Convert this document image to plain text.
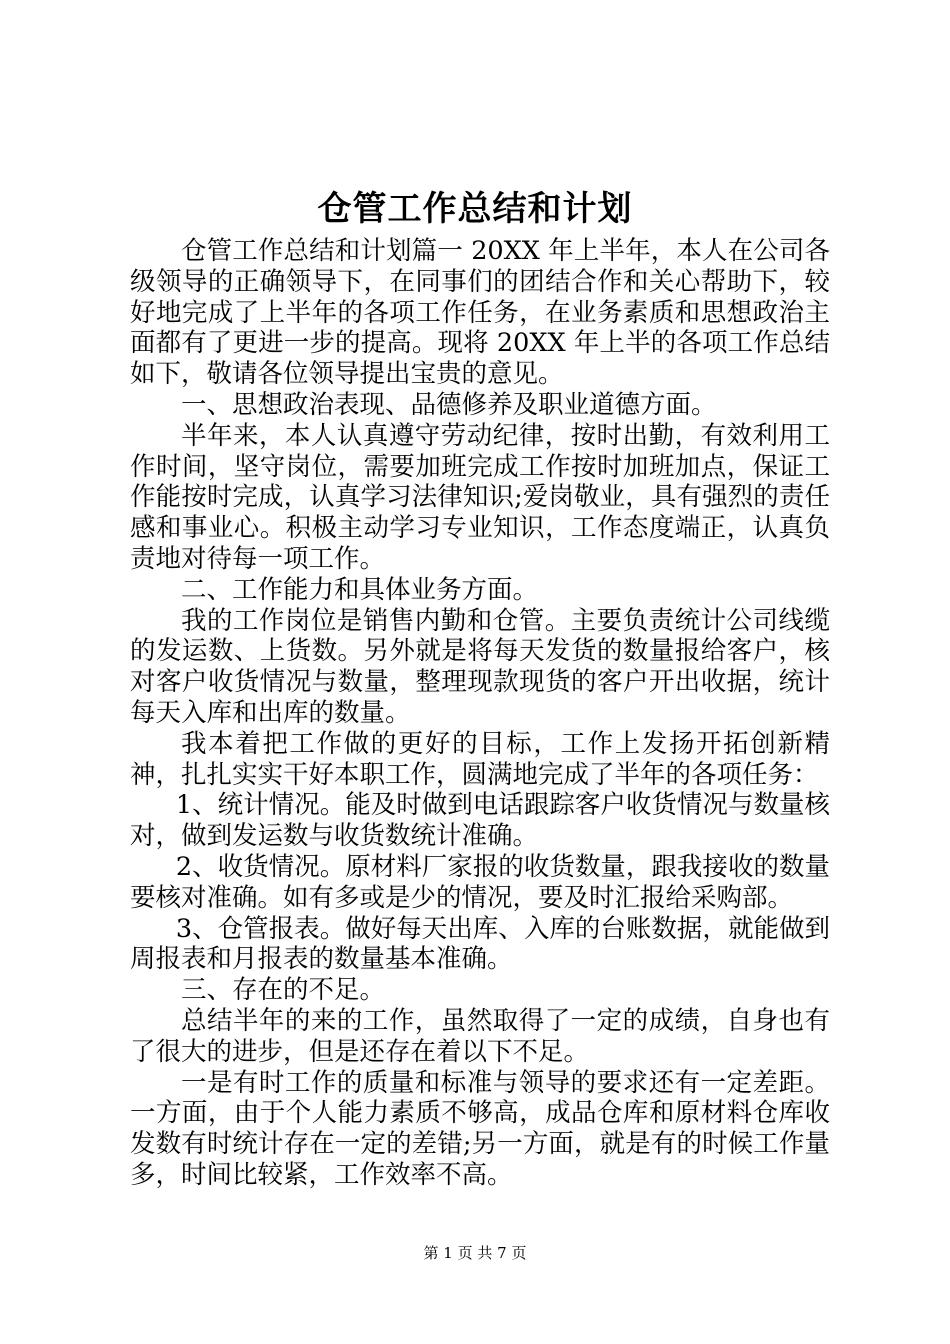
仓管工作总结和计划

仓管工作总结和计划篇一 20XX 年上半年，本人在公司各级领导的正确领导下，在同事们的团结合作和关心帮助下，较好地完成了上半年的各项工作任务，在业务素质和思想政治主面都有了更进一步的提高。现将 20XX 年上半的各项工作总结如下，敬请各位领导提出宝贵的意见。

一、思想政治表现、品德修养及职业道德方面。

半年来，本人认真遵守劳动纪律，按时出勤，有效利用工作时间，坚守岗位，需要加班完成工作按时加班加点，保证工作能按时完成，认真学习法律知识;爱岗敬业，具有强烈的责任感和事业心。积极主动学习专业知识，工作态度端正，认真负责地对待每一项工作。

二、工作能力和具体业务方面。

我的工作岗位是销售内勤和仓管。主要负责统计公司线缆的发运数、上货数。另外就是将每天发货的数量报给客户，核对客户收货情况与数量，整理现款现货的客户开出收据，统计每天入库和出库的数量。

我本着把工作做的更好的目标，工作上发扬开拓创新精神，扎扎实实干好本职工作，圆满地完成了半年的各项任务：

1、统计情况。能及时做到电话跟踪客户收货情况与数量核对，做到发运数与收货数统计准确。

2、收货情况。原材料厂家报的收货数量，跟我接收的数量要核对准确。如有多或是少的情况，要及时汇报给采购部。

3、仓管报表。做好每天出库、入库的台账数据，就能做到周报表和月报表的数量基本准确。

三、存在的不足。

总结半年的来的工作，虽然取得了一定的成绩，自身也有了很大的进步，但是还存在着以下不足。

一是有时工作的质量和标准与领导的要求还有一定差距。一方面，由于个人能力素质不够高，成品仓库和原材料仓库收发数有时统计存在一定的差错;另一方面，就是有的时候工作量多，时间比较紧，工作效率不高。

第 1 页 共 7 页
